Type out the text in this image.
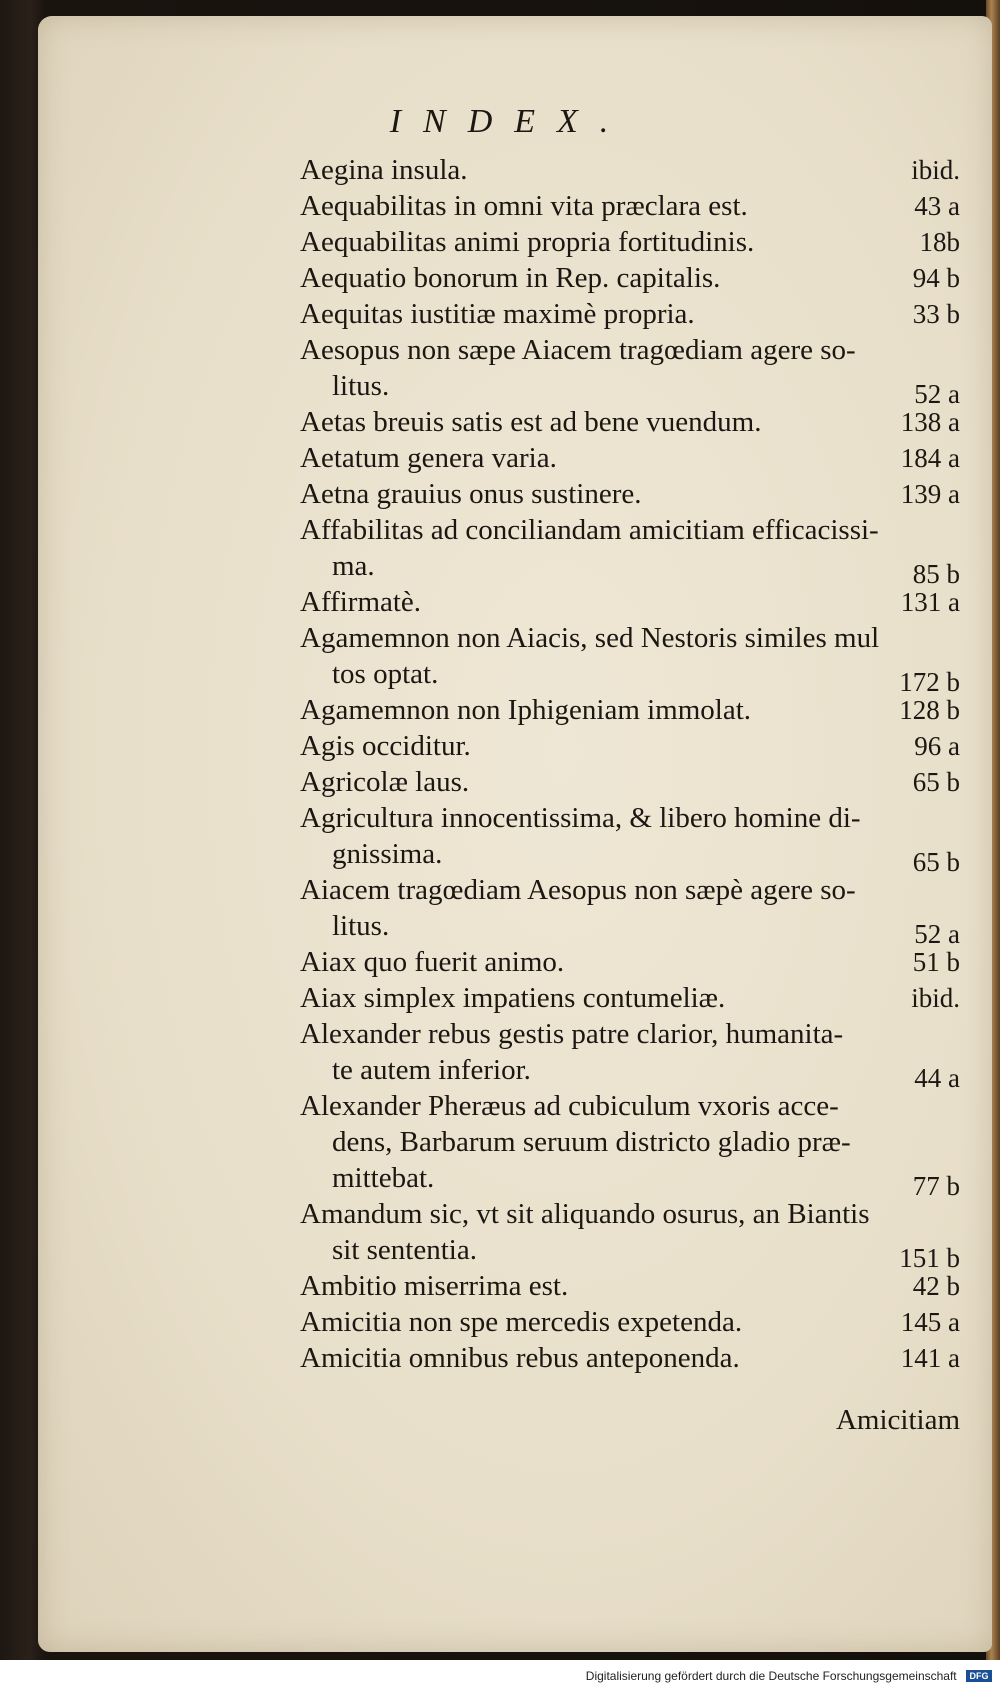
INDEX.
Aegina insula.	ibid.
Aequabilitas in omni vita præclara est.	43 a
Aequabilitas animi propria fortitudinis.	18b
Aequatio bonorum in Rep. capitalis.	94 b
Aequitas iustitiæ maximè propria.	33 b
Aesopus non sæpe Aiacem tragœdiam agere so-
litus.	52 a
Aetas breuis satis est ad bene vuendum.	138 a
Aetatum genera varia.	184 a
Aetna grauius onus sustinere.	139 a
Affabilitas ad conciliandam amicitiam efficacissi-
ma.	85 b
Affirmatè.	131 a
Agamemnon non Aiacis, sed Nestoris similes mul
tos optat.	172 b
Agamemnon non Iphigeniam immolat.	128 b
Agis occiditur.	96 a
Agricolæ laus.	65 b
Agricultura innocentissima, & libero homine di-
gnissima.	65 b
Aiacem tragœdiam Aesopus non sæpè agere so-
litus.	52 a
Aiax quo fuerit animo.	51 b
Aiax simplex impatiens contumeliæ.	ibid.
Alexander rebus gestis patre clarior, humanita-
te autem inferior.	44 a
Alexander Pheræus ad cubiculum vxoris acce-
dens, Barbarum seruum districto gladio præ-
mittebat.	77 b
Amandum sic, vt sit aliquando osurus, an Biantis
sit sententia.	151 b
Ambitio miserrima est.	42 b
Amicitia non spe mercedis expetenda.	145 a
Amicitia omnibus rebus anteponenda.	141 a
Amicitiam
Digitalisierung gefördert durch die Deutsche Forschungsgemeinschaft DFG
